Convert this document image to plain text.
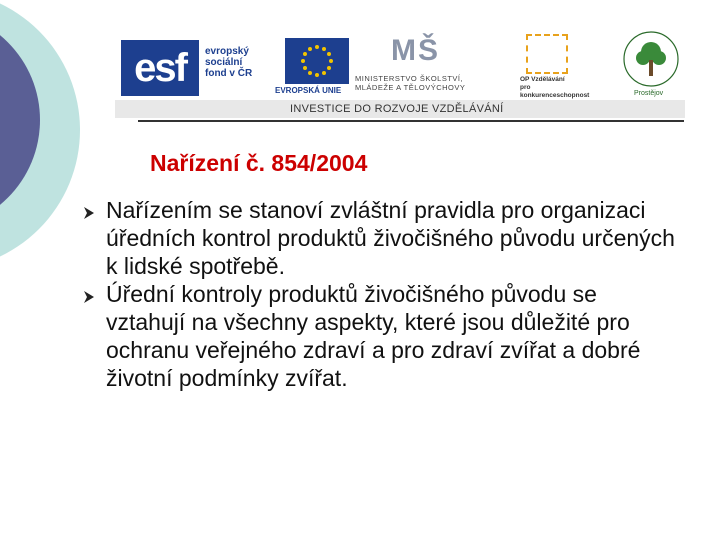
esf	evropský
sociální
fond v ČR
EVROPSKÁ UNIE
MŠ

MINISTERSTVO ŠKOLSTVÍ,
MLÁDEŽE A TĚLOVÝCHOVY
OP Vzdělávání
pro konkurenceschopnost	Prostějov
INVESTICE DO ROZVOJE VZDĚLÁVÁNÍ
Nařízení č. 854/2004

Nařízením se stanoví zvláštní pravidla pro organizaci úředních kontrol produktů živočišného původu určených k lidské spotřebě.

Úřední kontroly produktů živočišného původu se vztahují na všechny aspekty, které jsou důležité pro ochranu veřejného zdraví a pro zdraví zvířat a dobré životní podmínky zvířat.
